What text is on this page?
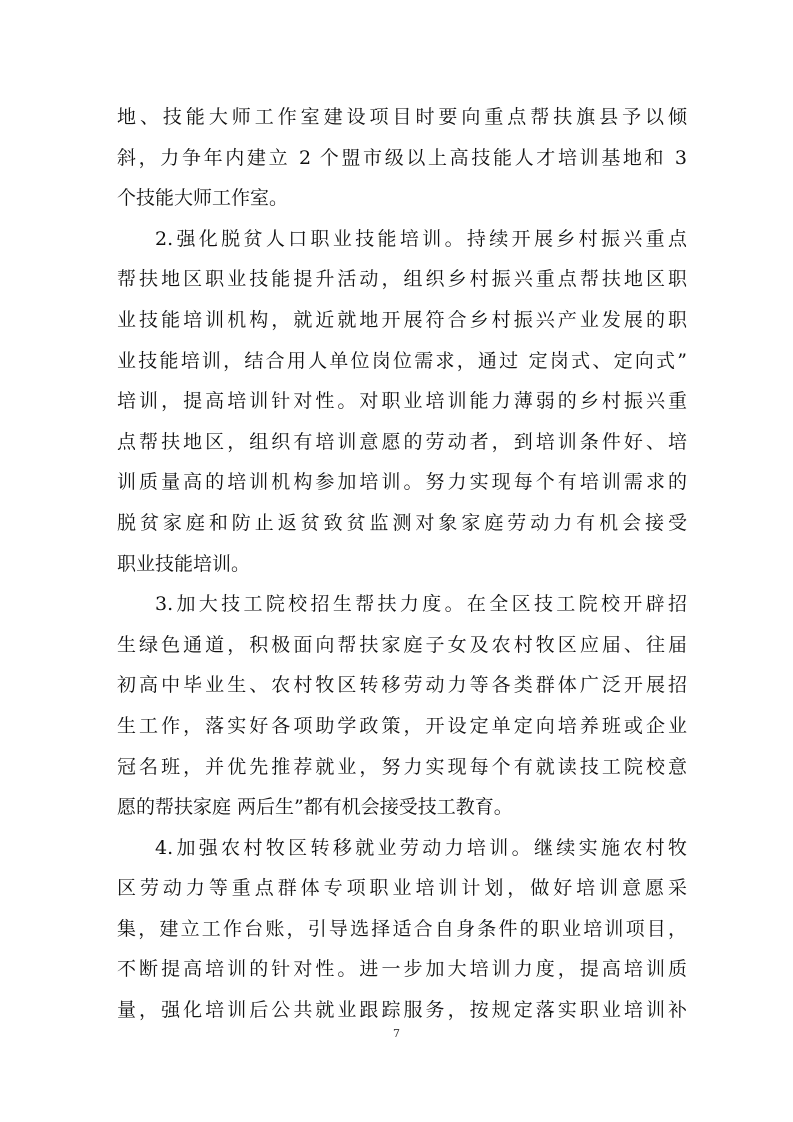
地、技能大师工作室建设项目时要向重点帮扶旗县予以倾
斜，力争年内建立 2 个盟市级以上高技能人才培训基地和 3
个技能大师工作室。
2.强化脱贫人口职业技能培训。持续开展乡村振兴重点
帮扶地区职业技能提升活动，组织乡村振兴重点帮扶地区职
业技能培训机构，就近就地开展符合乡村振兴产业发展的职
业技能培训，结合用人单位岗位需求，通过 定岗式、定向式”
培训，提高培训针对性。对职业培训能力薄弱的乡村振兴重
点帮扶地区，组织有培训意愿的劳动者，到培训条件好、培
训质量高的培训机构参加培训。努力实现每个有培训需求的
脱贫家庭和防止返贫致贫监测对象家庭劳动力有机会接受
职业技能培训。
3.加大技工院校招生帮扶力度。在全区技工院校开辟招
生绿色通道，积极面向帮扶家庭子女及农村牧区应届、往届
初高中毕业生、农村牧区转移劳动力等各类群体广泛开展招
生工作，落实好各项助学政策，开设定单定向培养班或企业
冠名班，并优先推荐就业，努力实现每个有就读技工院校意
愿的帮扶家庭 两后生”都有机会接受技工教育。
4.加强农村牧区转移就业劳动力培训。继续实施农村牧
区劳动力等重点群体专项职业培训计划，做好培训意愿采
集，建立工作台账，引导选择适合自身条件的职业培训项目，
不断提高培训的针对性。进一步加大培训力度，提高培训质
量，强化培训后公共就业跟踪服务，按规定落实职业培训补
7
